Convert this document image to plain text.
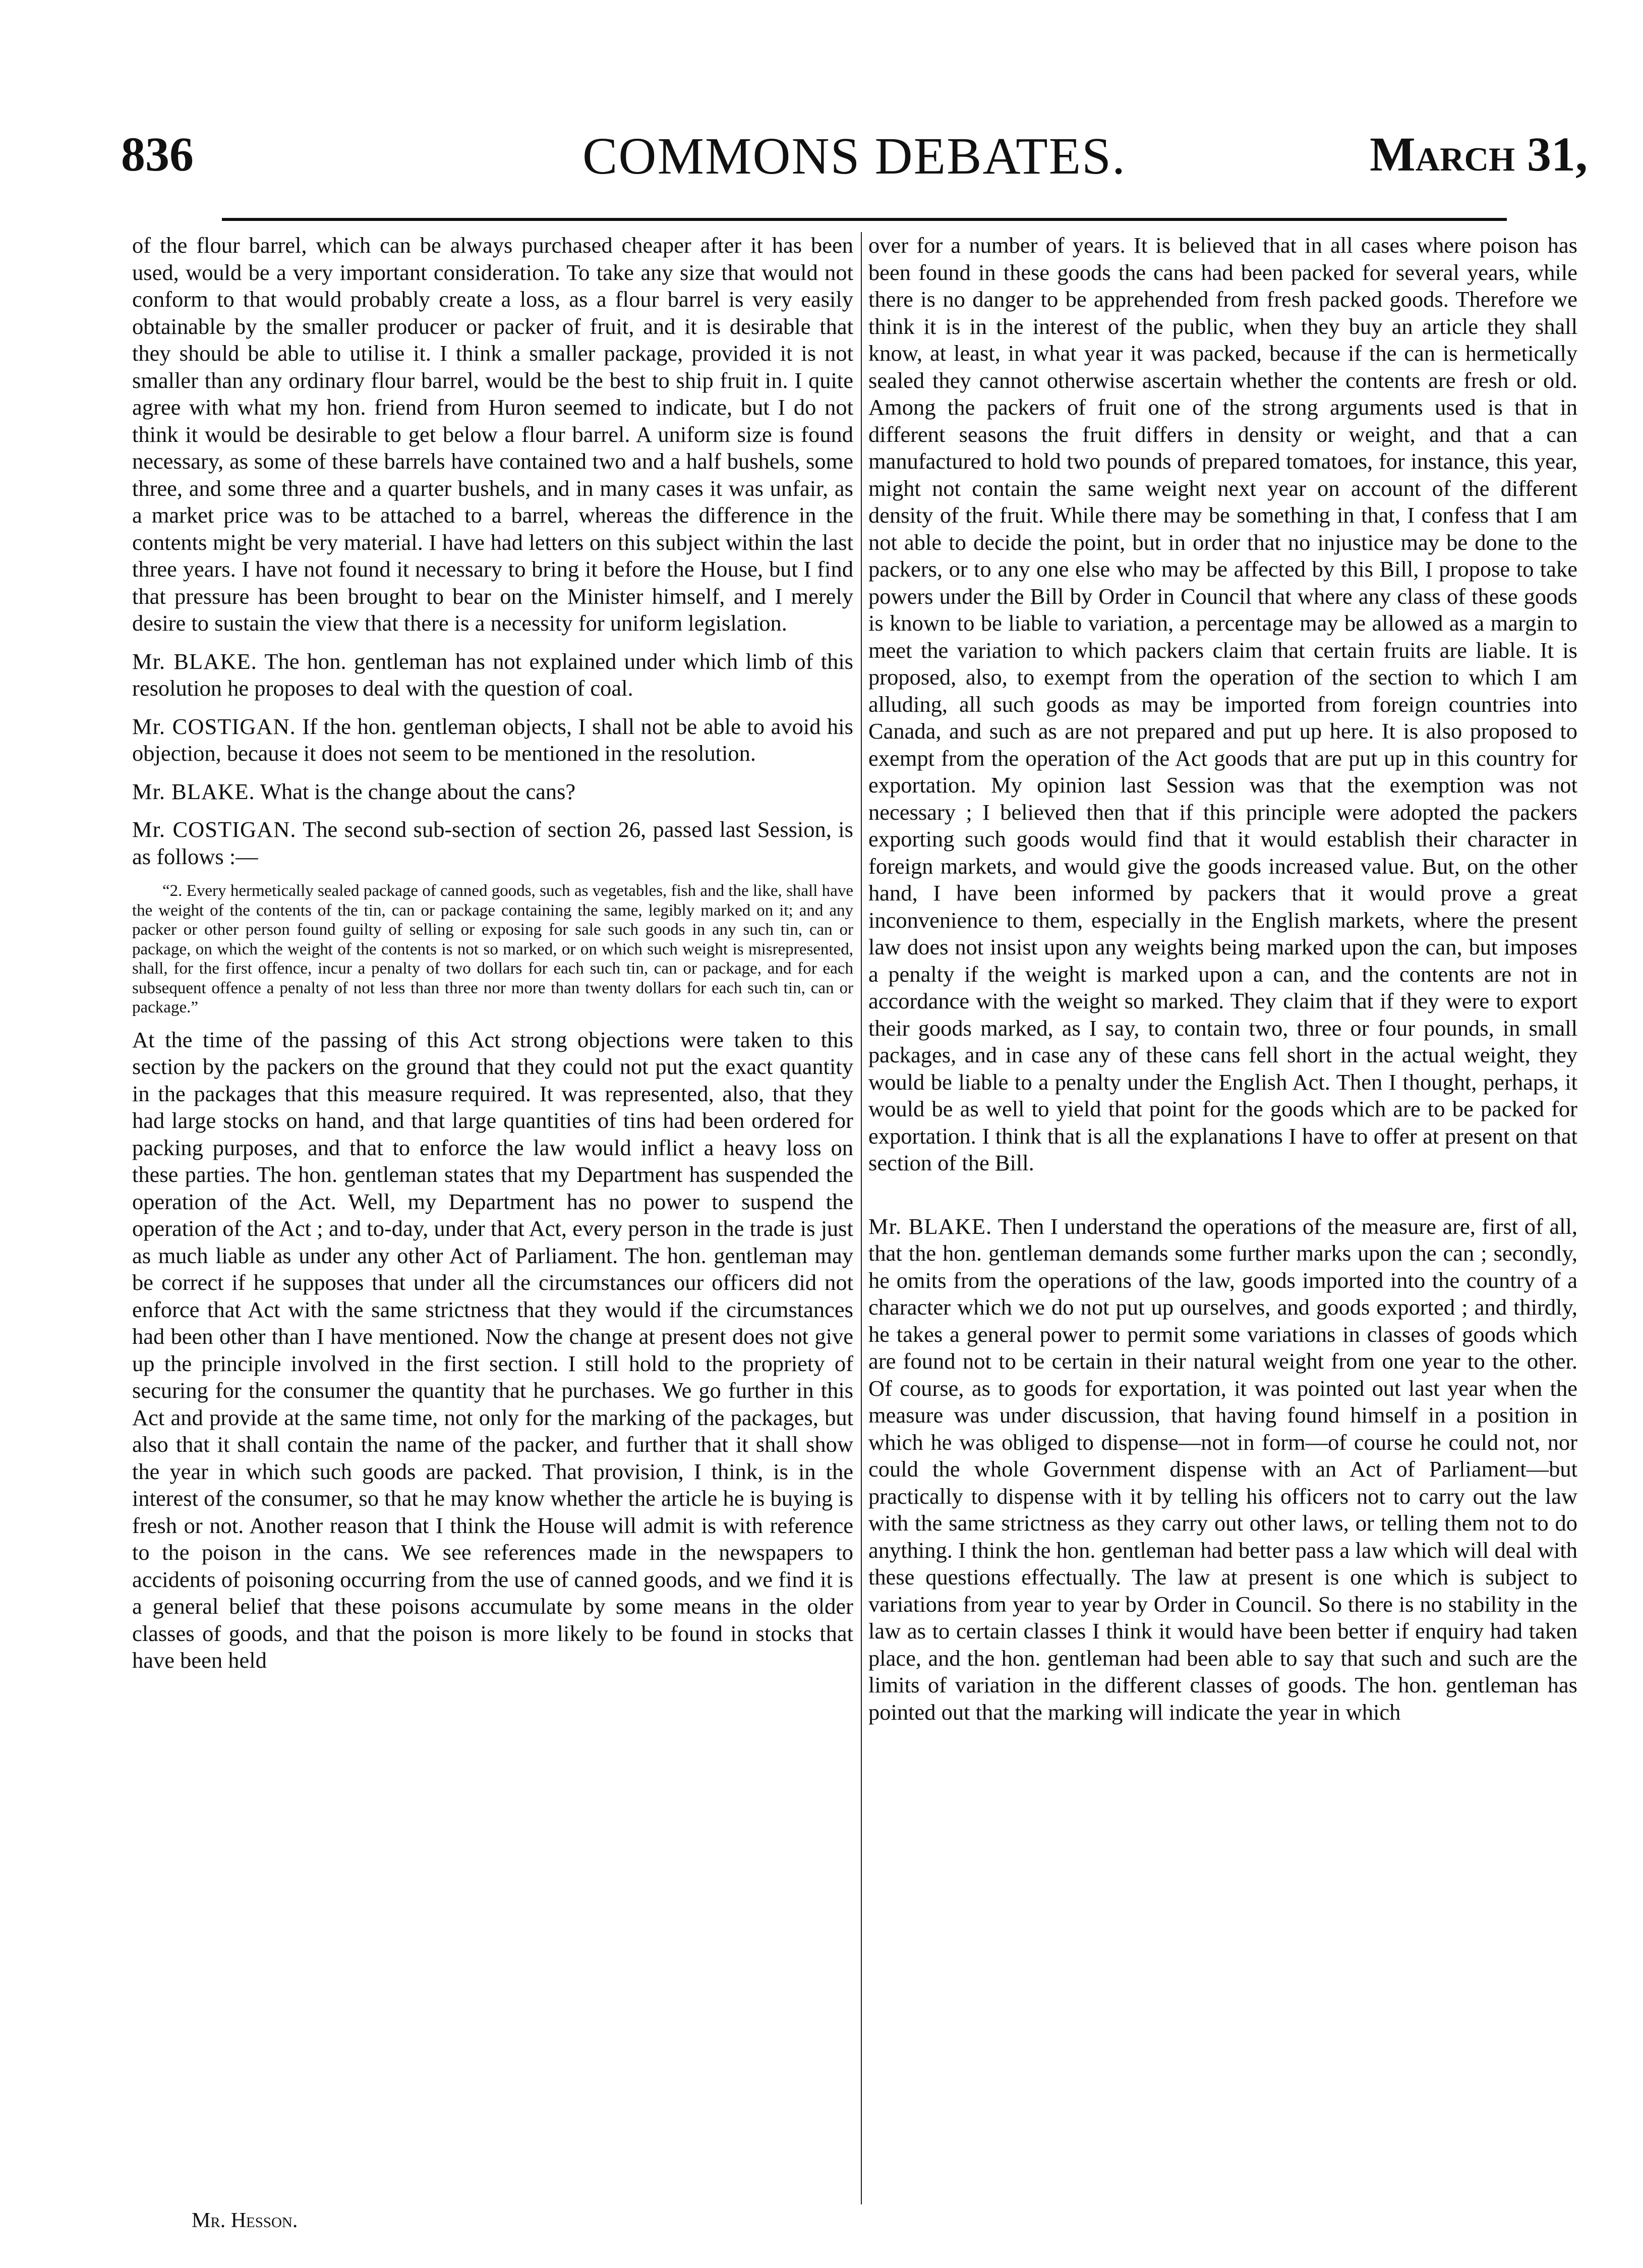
836	COMMONS DEBATES.	March 31,

of the flour barrel, which can be always purchased cheaper after it has been used, would be a very important consideration. To take any size that would not conform to that would probably create a loss, as a flour barrel is very easily obtainable by the smaller producer or packer of fruit, and it is desirable that they should be able to utilise it. I think a smaller package, provided it is not smaller than any ordinary flour barrel, would be the best to ship fruit in. I quite agree with what my hon. friend from Huron seemed to indicate, but I do not think it would be desirable to get below a flour barrel. A uniform size is found necessary, as some of these barrels have contained two and a half bushels, some three, and some three and a quarter bushels, and in many cases it was unfair, as a market price was to be attached to a barrel, whereas the difference in the contents might be very material. I have had letters on this subject within the last three years. I have not found it necessary to bring it before the House, but I find that pressure has been brought to bear on the Minister himself, and I merely desire to sustain the view that there is a necessity for uniform legislation.

Mr. BLAKE. The hon. gentleman has not explained under which limb of this resolution he proposes to deal with the question of coal.

Mr. COSTIGAN. If the hon. gentleman objects, I shall not be able to avoid his objection, because it does not seem to be mentioned in the resolution.

Mr. BLAKE. What is the change about the cans?

Mr. COSTIGAN. The second sub-section of section 26, passed last Session, is as follows :—

“2. Every hermetically sealed package of canned goods, such as vegetables, fish and the like, shall have the weight of the contents of the tin, can or package containing the same, legibly marked on it; and any packer or other person found guilty of selling or exposing for sale such goods in any such tin, can or package, on which the weight of the contents is not so marked, or on which such weight is misrepresented, shall, for the first offence, incur a penalty of two dollars for each such tin, can or package, and for each subsequent offence a penalty of not less than three nor more than twenty dollars for each such tin, can or package.”

At the time of the passing of this Act strong objections were taken to this section by the packers on the ground that they could not put the exact quantity in the packages that this measure required. It was represented, also, that they had large stocks on hand, and that large quantities of tins had been ordered for packing purposes, and that to enforce the law would inflict a heavy loss on these parties. The hon. gentleman states that my Department has suspended the operation of the Act. Well, my Department has no power to suspend the operation of the Act ; and to-day, under that Act, every person in the trade is just as much liable as under any other Act of Parliament. The hon. gentleman may be correct if he supposes that under all the circumstances our officers did not enforce that Act with the same strictness that they would if the circumstances had been other than I have mentioned. Now the change at present does not give up the principle involved in the first section. I still hold to the propriety of securing for the consumer the quantity that he purchases. We go further in this Act and provide at the same time, not only for the marking of the packages, but also that it shall contain the name of the packer, and further that it shall show the year in which such goods are packed. That provision, I think, is in the interest of the consumer, so that he may know whether the article he is buying is fresh or not. Another reason that I think the House will admit is with reference to the poison in the cans. We see references made in the newspapers to accidents of poisoning occurring from the use of canned goods, and we find it is a general belief that these poisons accumulate by some means in the older classes of goods, and that the poison is more likely to be found in stocks that have been held

over for a number of years. It is believed that in all cases where poison has been found in these goods the cans had been packed for several years, while there is no danger to be apprehended from fresh packed goods. Therefore we think it is in the interest of the public, when they buy an article they shall know, at least, in what year it was packed, because if the can is hermetically sealed they cannot otherwise ascertain whether the contents are fresh or old. Among the packers of fruit one of the strong arguments used is that in different seasons the fruit differs in density or weight, and that a can manufactured to hold two pounds of prepared tomatoes, for instance, this year, might not contain the same weight next year on account of the different density of the fruit. While there may be something in that, I confess that I am not able to decide the point, but in order that no injustice may be done to the packers, or to any one else who may be affected by this Bill, I propose to take powers under the Bill by Order in Council that where any class of these goods is known to be liable to variation, a percentage may be allowed as a margin to meet the variation to which packers claim that certain fruits are liable. It is proposed, also, to exempt from the operation of the section to which I am alluding, all such goods as may be imported from foreign countries into Canada, and such as are not prepared and put up here. It is also proposed to exempt from the operation of the Act goods that are put up in this country for exportation. My opinion last Session was that the exemption was not necessary ; I believed then that if this principle were adopted the packers exporting such goods would find that it would establish their character in foreign markets, and would give the goods increased value. But, on the other hand, I have been informed by packers that it would prove a great inconvenience to them, especially in the English markets, where the present law does not insist upon any weights being marked upon the can, but imposes a penalty if the weight is marked upon a can, and the contents are not in accordance with the weight so marked. They claim that if they were to export their goods marked, as I say, to contain two, three or four pounds, in small packages, and in case any of these cans fell short in the actual weight, they would be liable to a penalty under the English Act. Then I thought, perhaps, it would be as well to yield that point for the goods which are to be packed for exportation. I think that is all the explanations I have to offer at present on that section of the Bill.

Mr. BLAKE. Then I understand the operations of the measure are, first of all, that the hon. gentleman demands some further marks upon the can ; secondly, he omits from the operations of the law, goods imported into the country of a character which we do not put up ourselves, and goods exported ; and thirdly, he takes a general power to permit some variations in classes of goods which are found not to be certain in their natural weight from one year to the other. Of course, as to goods for exportation, it was pointed out last year when the measure was under discussion, that having found himself in a position in which he was obliged to dispense—not in form—of course he could not, nor could the whole Government dispense with an Act of Parliament—but practically to dispense with it by telling his officers not to carry out the law with the same strictness as they carry out other laws, or telling them not to do anything. I think the hon. gentleman had better pass a law which will deal with these questions effectually. The law at present is one which is subject to variations from year to year by Order in Council. So there is no stability in the law as to certain classes I think it would have been better if enquiry had taken place, and the hon. gentleman had been able to say that such and such are the limits of variation in the different classes of goods. The hon. gentleman has pointed out that the marking will indicate the year in which

Mr. Hesson.
